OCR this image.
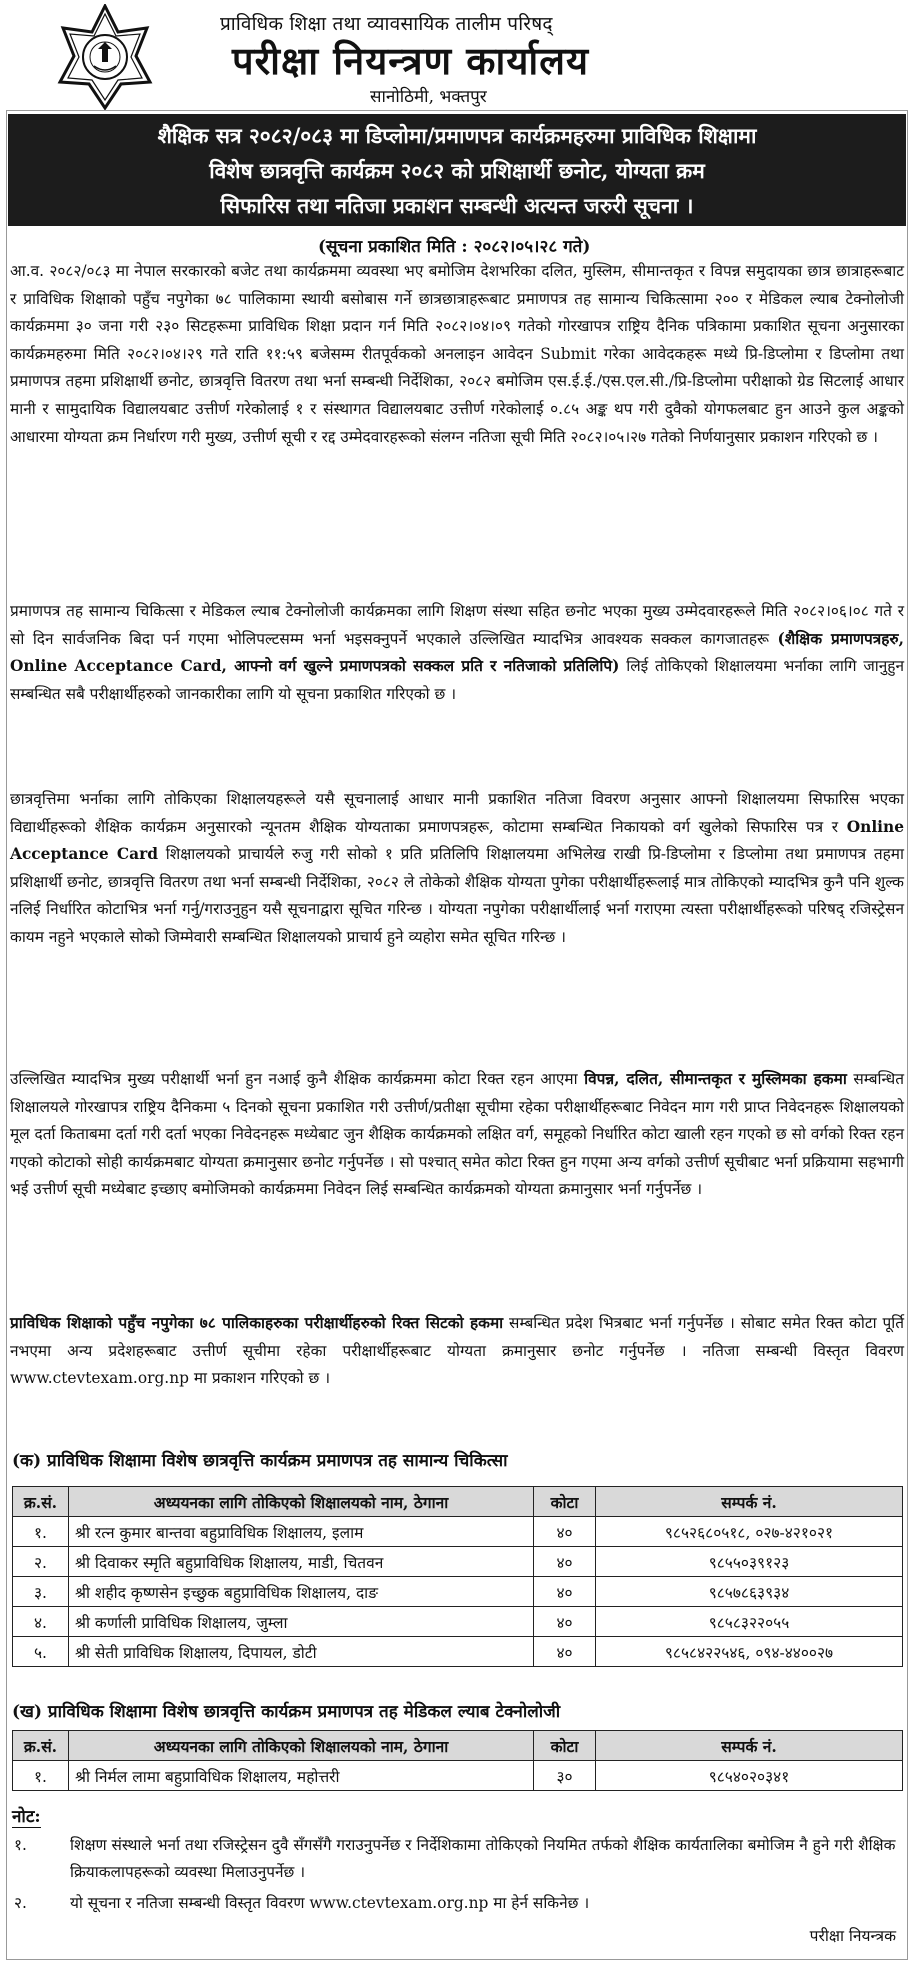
प्राविधिक शिक्षा तथा व्यावसायिक तालीम परिषद्
परीक्षा नियन्त्रण कार्यालय
सानोठिमी, भक्तपुर
शैक्षिक सत्र २०८२/०८३ मा डिप्लोमा/प्रमाणपत्र कार्यक्रमहरुमा प्राविधिक शिक्षामा
विशेष छात्रवृत्ति कार्यक्रम २०८२ को प्रशिक्षार्थी छनोट, योग्यता क्रम
सिफारिस तथा नतिजा प्रकाशन सम्बन्धी अत्यन्त जरुरी सूचना ।
(सूचना प्रकाशित मिति : २०८२।०५।२८ गते)

आ.व. २०८२/०८३ मा नेपाल सरकारको बजेट तथा कार्यक्रममा व्यवस्था भए बमोजिम देशभरिका दलित, मुस्लिम, सीमान्तकृत र विपन्न समुदायका छात्र छात्राहरूबाट र प्राविधिक शिक्षाको पहुँच नपुगेका ७८ पालिकामा स्थायी बसोबास गर्ने छात्रछात्राहरूबाट प्रमाणपत्र तह सामान्य चिकित्सामा २०० र मेडिकल ल्याब टेक्नोलोजी कार्यक्रममा ३० जना गरी २३० सिटहरूमा प्राविधिक शिक्षा प्रदान गर्न मिति २०८२।०४।०९ गतेको गोरखापत्र राष्ट्रिय दैनिक पत्रिकामा प्रकाशित सूचना अनुसारका कार्यक्रमहरुमा मिति २०८२।०४।२९ गते राति ११:५९ बजेसम्म रीतपूर्वकको अनलाइन आवेदन Submit गरेका आवेदकहरू मध्ये प्रि-डिप्लोमा र डिप्लोमा तथा प्रमाणपत्र तहमा प्रशिक्षार्थी छनोट, छात्रवृत्ति वितरण तथा भर्ना सम्बन्धी निर्देशिका, २०८२ बमोजिम एस.ई.ई./एस.एल.सी./प्रि-डिप्लोमा परीक्षाको ग्रेड सिटलाई आधार मानी र सामुदायिक विद्यालयबाट उत्तीर्ण गरेकोलाई १ र संस्थागत विद्यालयबाट उत्तीर्ण गरेकोलाई ०.८५ अङ्क थप गरी दुवैको योगफलबाट हुन आउने कुल अङ्कको आधारमा योग्यता क्रम निर्धारण गरी मुख्य, उत्तीर्ण सूची र रद्द उम्मेदवारहरूको संलग्न नतिजा सूची मिति २०८२।०५।२७ गतेको निर्णयानुसार प्रकाशन गरिएको छ ।

प्रमाणपत्र तह सामान्य चिकित्सा र मेडिकल ल्याब टेक्नोलोजी कार्यक्रमका लागि शिक्षण संस्था सहित छनोट भएका मुख्य उम्मेदवारहरूले मिति २०८२।०६।०८ गते र सो दिन सार्वजनिक बिदा पर्न गएमा भोलिपल्टसम्म भर्ना भइसक्नुपर्ने भएकाले उल्लिखित म्यादभित्र आवश्यक सक्कल कागजातहरू (शैक्षिक प्रमाणपत्रहरु, Online Acceptance Card, आफ्नो वर्ग खुल्ने प्रमाणपत्रको सक्कल प्रति र नतिजाको प्रतिलिपि) लिई तोकिएको शिक्षालयमा भर्नाका लागि जानुहुन सम्बन्धित सबै परीक्षार्थीहरुको जानकारीका लागि यो सूचना प्रकाशित गरिएको छ ।

छात्रवृत्तिमा भर्नाका लागि तोकिएका शिक्षालयहरूले यसै सूचनालाई आधार मानी प्रकाशित नतिजा विवरण अनुसार आफ्नो शिक्षालयमा सिफारिस भएका विद्यार्थीहरूको शैक्षिक कार्यक्रम अनुसारको न्यूनतम शैक्षिक योग्यताका प्रमाणपत्रहरू, कोटामा सम्बन्धित निकायको वर्ग खुलेको सिफारिस पत्र र Online Acceptance Card शिक्षालयको प्राचार्यले रुजु गरी सोको १ प्रति प्रतिलिपि शिक्षालयमा अभिलेख राखी प्रि-डिप्लोमा र डिप्लोमा तथा प्रमाणपत्र तहमा प्रशिक्षार्थी छनोट, छात्रवृत्ति वितरण तथा भर्ना सम्बन्धी निर्देशिका, २०८२ ले तोकेको शैक्षिक योग्यता पुगेका परीक्षार्थीहरूलाई मात्र तोकिएको म्यादभित्र कुनै पनि शुल्क नलिई निर्धारित कोटाभित्र भर्ना गर्नु/गराउनुहुन यसै सूचनाद्वारा सूचित गरिन्छ । योग्यता नपुगेका परीक्षार्थीलाई भर्ना गराएमा त्यस्ता परीक्षार्थीहरूको परिषद् रजिस्ट्रेसन कायम नहुने भएकाले सोको जिम्मेवारी सम्बन्धित शिक्षालयको प्राचार्य हुने व्यहोरा समेत सूचित गरिन्छ ।

उल्लिखित म्यादभित्र मुख्य परीक्षार्थी भर्ना हुन नआई कुनै शैक्षिक कार्यक्रममा कोटा रिक्त रहन आएमा विपन्न, दलित, सीमान्तकृत र मुस्लिमका हकमा सम्बन्धित शिक्षालयले गोरखापत्र राष्ट्रिय दैनिकमा ५ दिनको सूचना प्रकाशित गरी उत्तीर्ण/प्रतीक्षा सूचीमा रहेका परीक्षार्थीहरूबाट निवेदन माग गरी प्राप्त निवेदनहरू शिक्षालयको मूल दर्ता किताबमा दर्ता गरी दर्ता भएका निवेदनहरू मध्येबाट जुन शैक्षिक कार्यक्रमको लक्षित वर्ग, समूहको निर्धारित कोटा खाली रहन गएको छ सो वर्गको रिक्त रहन गएको कोटाको सोही कार्यक्रमबाट योग्यता क्रमानुसार छनोट गर्नुपर्नेछ । सो पश्चात् समेत कोटा रिक्त हुन गएमा अन्य वर्गको उत्तीर्ण सूचीबाट भर्ना प्रक्रियामा सहभागी भई उत्तीर्ण सूची मध्येबाट इच्छाए बमोजिमको कार्यक्रममा निवेदन लिई सम्बन्धित कार्यक्रमको योग्यता क्रमानुसार भर्ना गर्नुपर्नेछ ।

प्राविधिक शिक्षाको पहुँच नपुगेका ७८ पालिकाहरुका परीक्षार्थीहरुको रिक्त सिटको हकमा सम्बन्धित प्रदेश भित्रबाट भर्ना गर्नुपर्नेछ । सोबाट समेत रिक्त कोटा पूर्ति नभएमा अन्य प्रदेशहरूबाट उत्तीर्ण सूचीमा रहेका परीक्षार्थीहरूबाट योग्यता क्रमानुसार छनोट गर्नुपर्नेछ । नतिजा सम्बन्धी विस्तृत विवरण www.ctevtexam.org.np मा प्रकाशन गरिएको छ ।

(क) प्राविधिक शिक्षामा विशेष छात्रवृत्ति कार्यक्रम प्रमाणपत्र तह सामान्य चिकित्सा
क्र.सं.	अध्ययनका लागि तोकिएको शिक्षालयको नाम, ठेगाना	कोटा	सम्पर्क नं.
१.	श्री रत्न कुमार बान्तवा बहुप्राविधिक शिक्षालय, इलाम	४०	९८५२६८०५१८, ०२७-४२१०२१
२.	श्री दिवाकर स्मृति बहुप्राविधिक शिक्षालय, माडी, चितवन	४०	९८५५०३९१२३
३.	श्री शहीद कृष्णसेन इच्छुक बहुप्राविधिक शिक्षालय, दाङ	४०	९८५७८६३९३४
४.	श्री कर्णाली प्राविधिक शिक्षालय, जुम्ला	४०	९८५८३२२०५५
५.	श्री सेती प्राविधिक शिक्षालय, दिपायल, डोटी	४०	९८५८४२२५४६, ०९४-४४००२७
(ख) प्राविधिक शिक्षामा विशेष छात्रवृत्ति कार्यक्रम प्रमाणपत्र तह मेडिकल ल्याब टेक्नोलोजी
क्र.सं.	अध्ययनका लागि तोकिएको शिक्षालयको नाम, ठेगाना	कोटा	सम्पर्क नं.
१.	श्री निर्मल लामा बहुप्राविधिक शिक्षालय, महोत्तरी	३०	९८५४०२०३४१
नोट:
१.	शिक्षण संस्थाले भर्ना तथा रजिस्ट्रेसन दुवै सँगसँगै गराउनुपर्नेछ र निर्देशिकामा तोकिएको नियमित तर्फको शैक्षिक कार्यतालिका बमोजिम नै हुने गरी शैक्षिक क्रियाकलापहरूको व्यवस्था मिलाउनुपर्नेछ ।
२.	यो सूचना र नतिजा सम्बन्धी विस्तृत विवरण www.ctevtexam.org.np मा हेर्न सकिनेछ ।
परीक्षा नियन्त्रक
